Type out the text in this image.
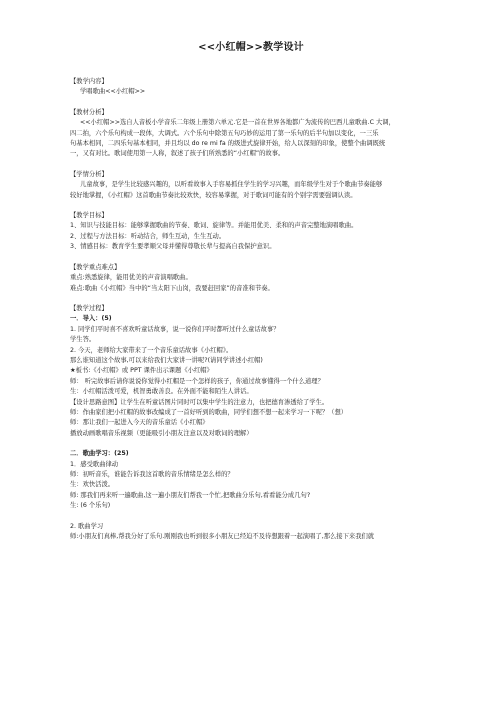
<<小红帽>>教学设计
【教学内容】
学唱歌曲<<小红帽>>
【教材分析】
<<小红帽>>选自人音板小学音乐二年级上册第六单元.它是一首在世界各地都广为流传的巴西儿童歌曲.C 大调，
四二拍，六个乐句构成一段体，大调式。六个乐句中除第五句巧妙的运用了第一乐句的后半句加以变化，一三乐
句基本相同，二四乐句基本相同，并且均以 do re mi fa 的级进式旋律开始，给人以深刻的印象，使整个曲调既统
一，又有对比。歌词使用第一人称，叙述了孩子们所熟悉的“小红帽”的故事。
【学情分析】
儿童故事，是学生比较感兴趣的，以听看故事入手容易抓住学生的学习兴趣，而年级学生对于个歌曲节奏能够
较好地掌握，《小红帽》这首歌曲节奏比较欢快，较容易掌握，对于歌词可能有的个别字需要强调认读。
【教学目标】
1、知识与技能目标：能够掌握歌曲的节奏、歌词、旋律等。并能用优美、柔和的声音完整地演唱歌曲。
2、过程与方法目标：听动结合，师生互动，生生互动。
3、情感目标：教育学生要孝顺父母并懂得尊敬长辈与提高自我保护意识。
【教学重点难点】
重点:熟悉旋律，能用优美的声音演唱歌曲。
难点:歌曲《小红帽》当中的“当太阳下山岗，我要赶回家”的音准和节奏。
【教学过程】
一．导入：(5)
1. 同学们平时喜不喜欢听童话故事，说一说你们平时都听过什么童话故事？
学生答。
2. 今天，老师给大家带来了一个音乐童话故事《小红帽》。
那么谁知道这个故事,可以来给我们大家讲一讲呢?(请同学讲述小红帽)
★板书:《小红帽》或 PPT 课件出示课题《小红帽》
师： 听完故事后请你说说你觉得小红帽是一个怎样的孩子，你通过故事懂得一个什么道理？
生：小红帽活泼可爱，机智勇敢善良。在外面不能和陌生人讲话。
【设计思路意图】让学生在听童话图片同时可以集中学生的注意力，也把德育渗透给了学生。
师：作曲家们把小红帽的故事改编成了一首好听到的歌曲，同学们想不想一起来学习一下呢？（想）
师：那让我们一起进入今天的音乐童话《小红帽》
播放动画歌唱音乐视频（更能吸引小朋友注意以及对歌词的理解）
二．歌曲学习：(25)
1．感受歌曲律动
师：初听音乐，谁能告诉我这首歌的音乐情绪是怎么样的？
生：欢快活泼。
师: 那我们再来听一遍歌曲,这一遍小朋友们帮我一个忙,把歌曲分乐句,看看能分成几句?
生: (6 个乐句)
2. 歌曲学习
师:小朋友们真棒,帮我分好了乐句.刚刚我也听到很多小朋友已经迫不及待想跟着一起演唱了,那么接下来我们就
